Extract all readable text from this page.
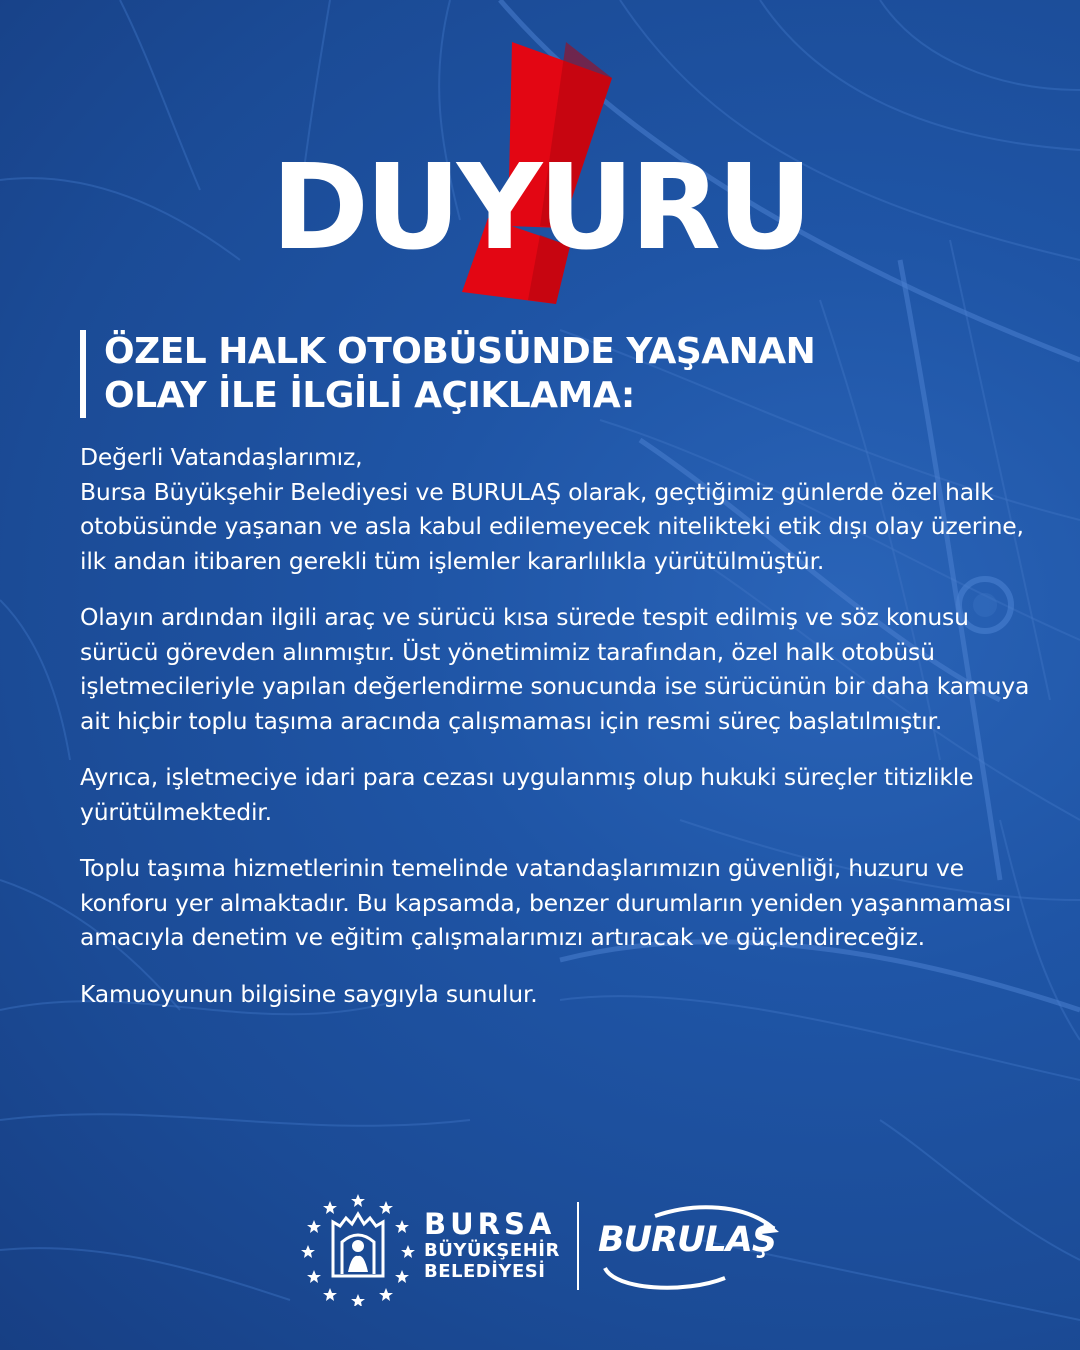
DUYURU
ÖZEL HALK OTOBÜSÜNDE YAŞANAN
OLAY İLE İLGİLİ AÇIKLAMA:

Değerli Vatandaşlarımız,
Bursa Büyükşehir Belediyesi ve BURULAŞ olarak, geçtiğimiz günlerde özel halk otobüsünde yaşanan ve asla kabul edilemeyecek nitelikteki etik dışı olay üzerine, ilk andan itibaren gerekli tüm işlemler kararlılıkla yürütülmüştür.

Olayın ardından ilgili araç ve sürücü kısa sürede tespit edilmiş ve söz konusu sürücü görevden alınmıştır. Üst yönetimimiz tarafından, özel halk otobüsü işletmecileriyle yapılan değerlendirme sonucunda ise sürücünün bir daha kamuya ait hiçbir toplu taşıma aracında çalışmaması için resmi süreç başlatılmıştır.

Ayrıca, işletmeciye idari para cezası uygulanmış olup hukuki süreçler titizlikle yürütülmektedir.

Toplu taşıma hizmetlerinin temelinde vatandaşlarımızın güvenliği, huzuru ve konforu yer almaktadır. Bu kapsamda, benzer durumların yeniden yaşanmaması amacıyla denetim ve eğitim çalışmalarımızı artıracak ve güçlendireceğiz.

Kamuoyunun bilgisine saygıyla sunulur.

BURSA
BÜYÜKŞEHİR
BELEDİYESİ
BURULAŞ
